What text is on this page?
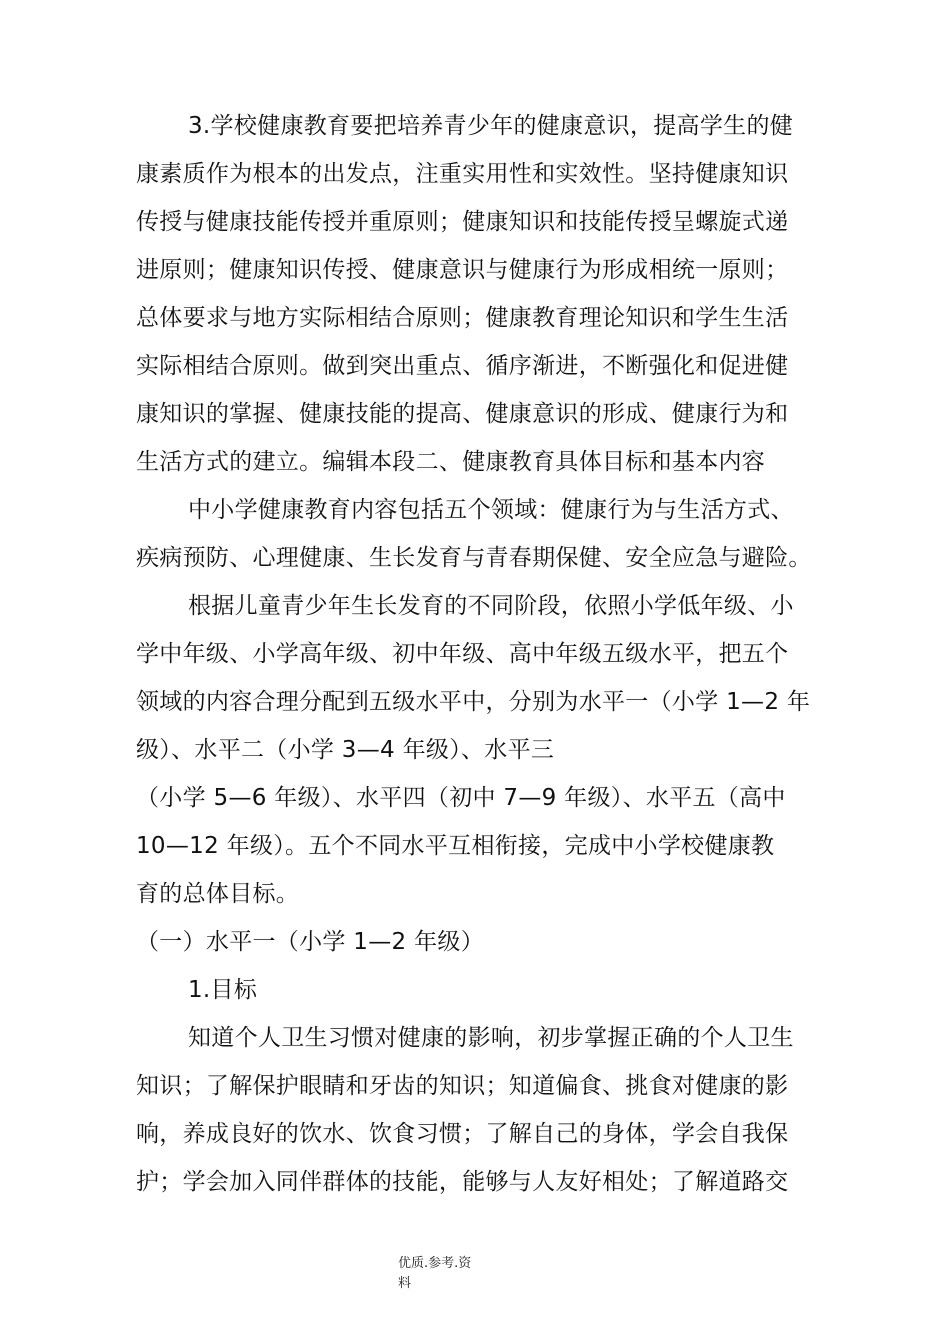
3.学校健康教育要把培养青少年的健康意识，提高学生的健
康素质作为根本的出发点，注重实用性和实效性。坚持健康知识
传授与健康技能传授并重原则；健康知识和技能传授呈螺旋式递
进原则；健康知识传授、健康意识与健康行为形成相统一原则；
总体要求与地方实际相结合原则；健康教育理论知识和学生生活
实际相结合原则。做到突出重点、循序渐进，不断强化和促进健
康知识的掌握、健康技能的提高、健康意识的形成、健康行为和
生活方式的建立。编辑本段二、健康教育具体目标和基本内容
中小学健康教育内容包括五个领域：健康行为与生活方式、
疾病预防、心理健康、生长发育与青春期保健、安全应急与避险。
根据儿童青少年生长发育的不同阶段，依照小学低年级、小
学中年级、小学高年级、初中年级、高中年级五级水平，把五个
领域的内容合理分配到五级水平中，分别为水平一（小学 1—2 年
级）、水平二（小学 3—4 年级）、水平三
（小学 5—6 年级）、水平四（初中 7—9 年级）、水平五（高中
10—12 年级）。五个不同水平互相衔接，完成中小学校健康教
育的总体目标。
（一）水平一（小学 1—2 年级）
1.目标
知道个人卫生习惯对健康的影响，初步掌握正确的个人卫生
知识；了解保护眼睛和牙齿的知识；知道偏食、挑食对健康的影
响，养成良好的饮水、饮食习惯；了解自己的身体，学会自我保
护；学会加入同伴群体的技能，能够与人友好相处；了解道路交
优质.参考.资
料
